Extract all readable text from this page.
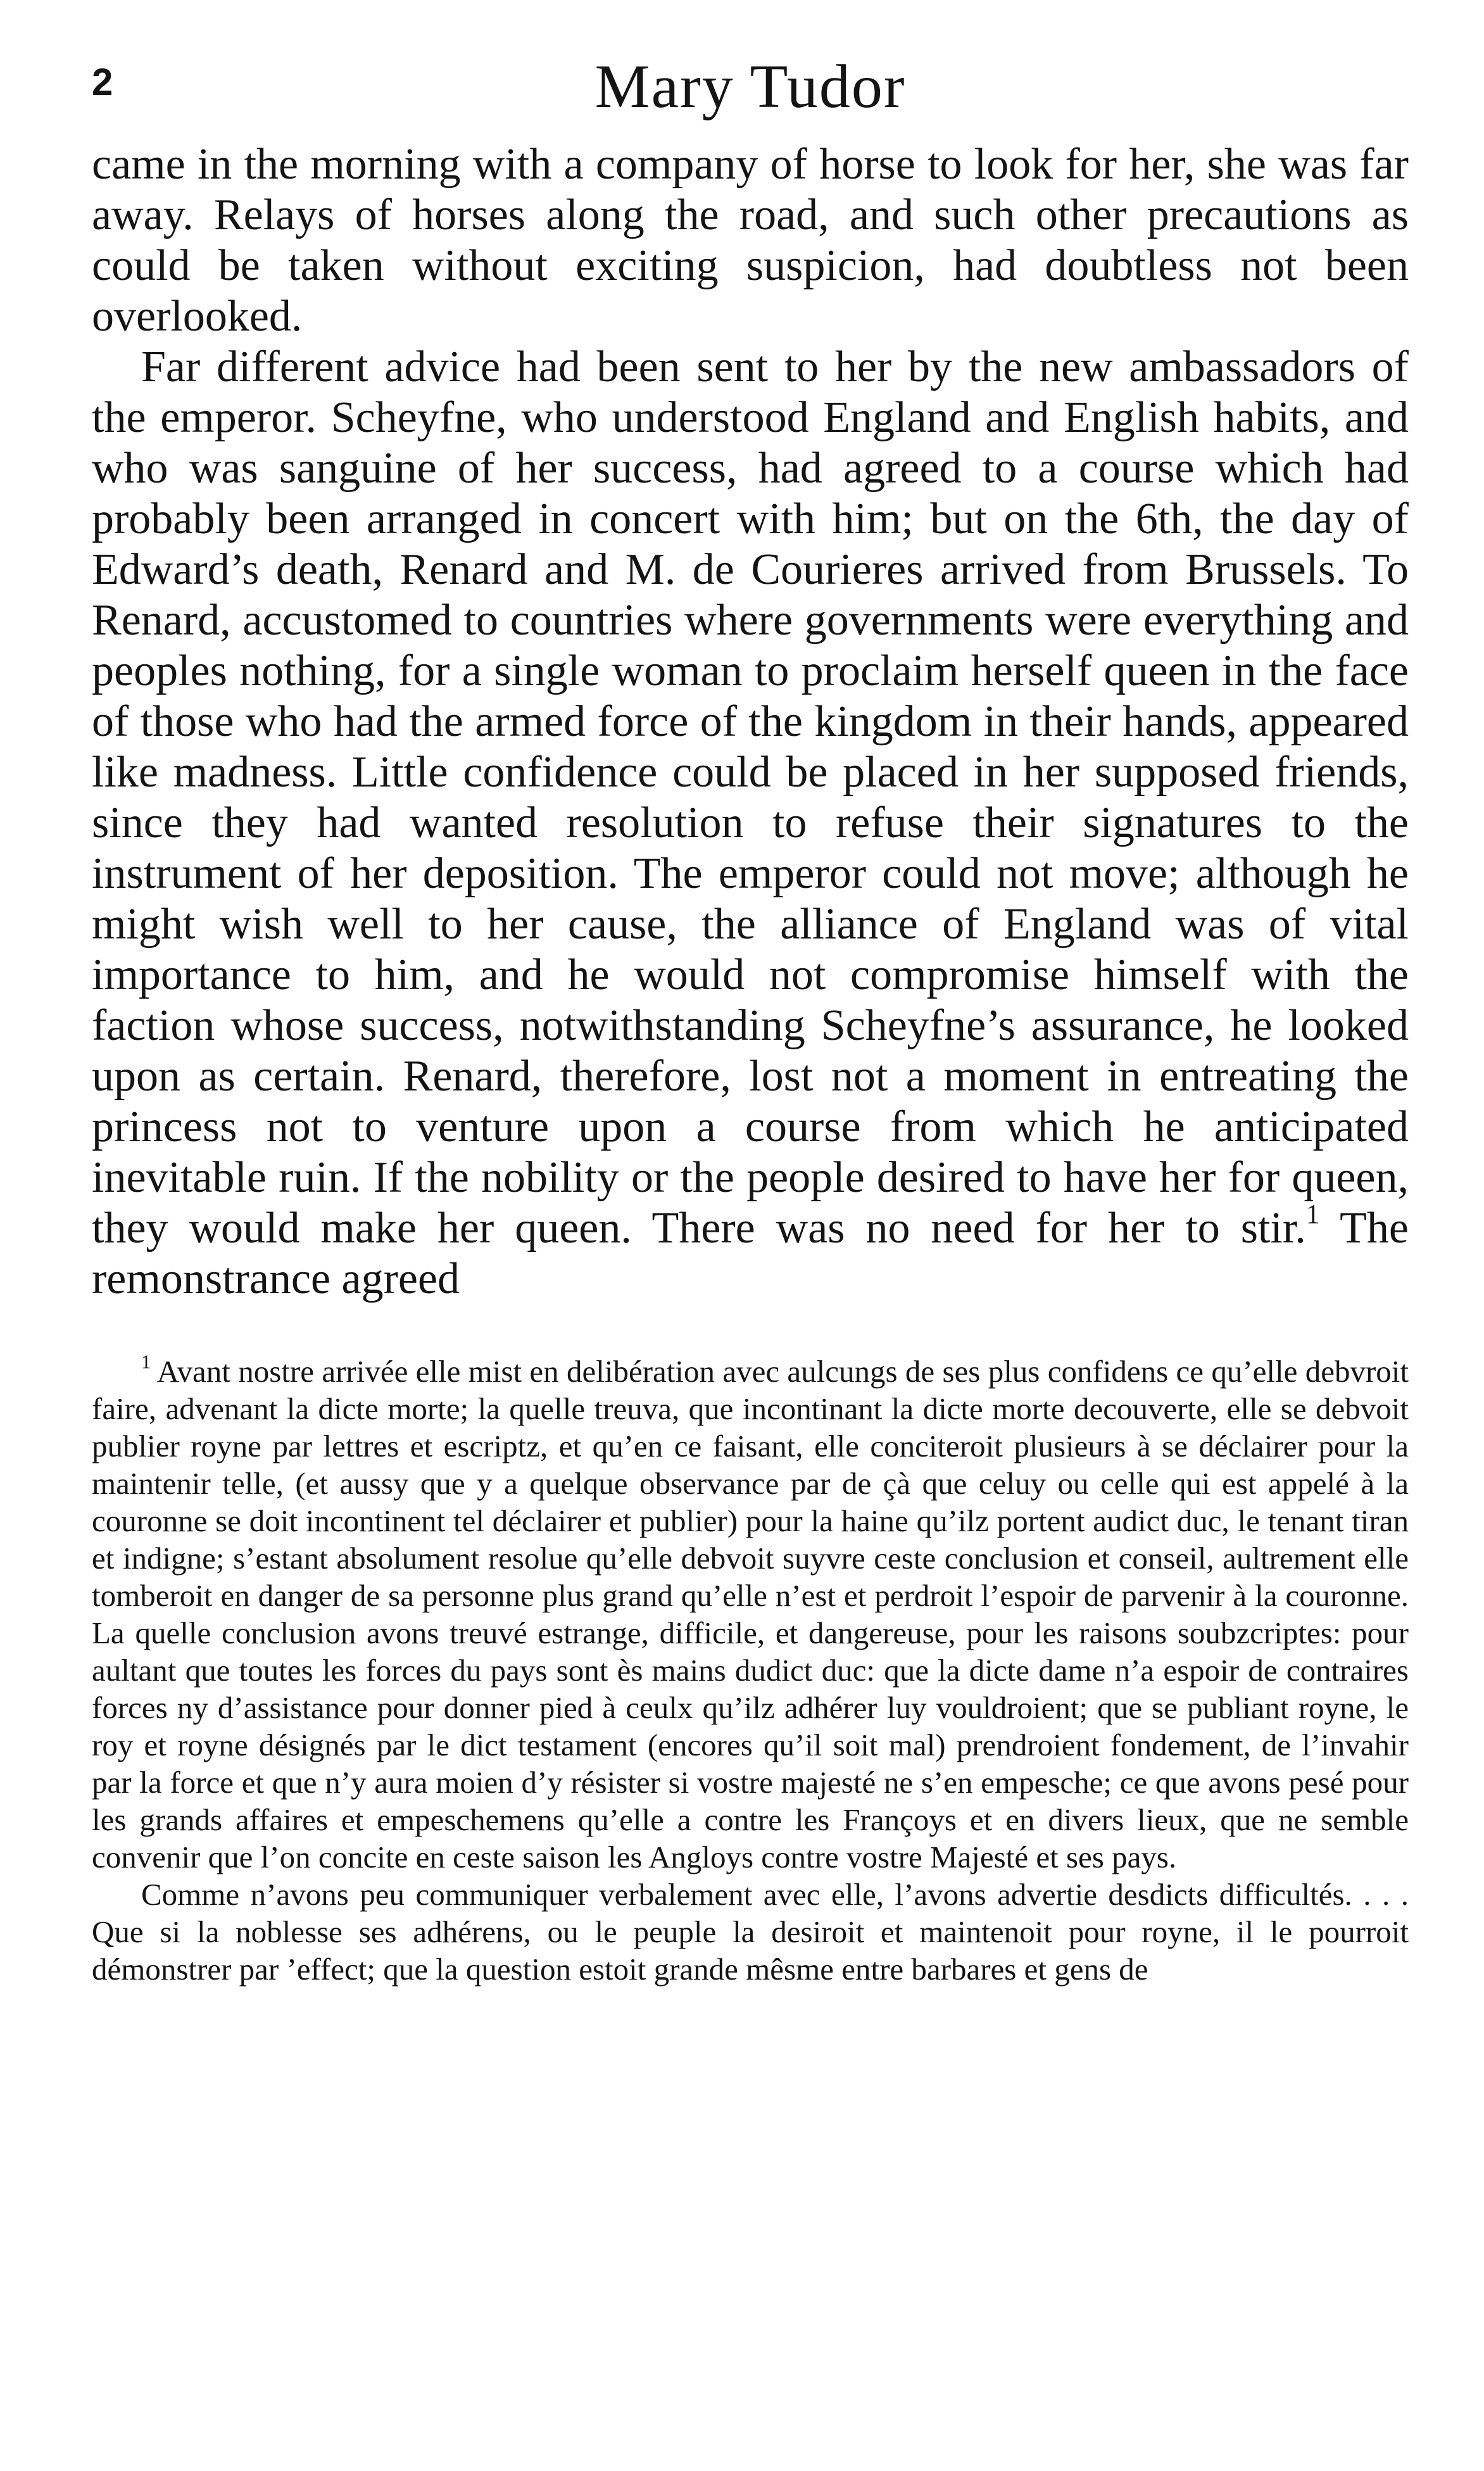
2	Mary Tudor

came in the morning with a company of horse to look for her, she was far away. Relays of horses along the road, and such other precautions as could be taken without exciting suspicion, had doubtless not been overlooked.

Far different advice had been sent to her by the new ambassadors of the emperor. Scheyfne, who understood England and English habits, and who was sanguine of her success, had agreed to a course which had probably been arranged in concert with him; but on the 6th, the day of Edward’s death, Renard and M. de Courieres arrived from Brussels. To Renard, accustomed to countries where governments were everything and peoples nothing, for a single woman to proclaim herself queen in the face of those who had the armed force of the kingdom in their hands, appeared like madness. Little confidence could be placed in her supposed friends, since they had wanted resolution to refuse their signatures to the instrument of her deposition. The emperor could not move; although he might wish well to her cause, the alliance of England was of vital importance to him, and he would not compromise himself with the faction whose success, notwithstanding Scheyfne’s assurance, he looked upon as certain. Renard, therefore, lost not a moment in entreating the princess not to venture upon a course from which he anticipated inevitable ruin. If the nobility or the people desired to have her for queen, they would make her queen. There was no need for her to stir.$^1$ The remonstrance agreed

$^1$ Avant nostre arrivée elle mist en delibération avec aulcungs de ses plus confidens ce qu’elle debvroit faire, advenant la dicte morte; la quelle treuva, que incontinant la dicte morte decouverte, elle se debvoit publier royne par lettres et escriptz, et qu’en ce faisant, elle conciteroit plusieurs à se déclairer pour la maintenir telle, (et aussy que y a quelque observance par de çà que celuy ou celle qui est appelé à la couronne se doit incontinent tel déclairer et publier) pour la haine qu’ilz portent audict duc, le tenant tiran et indigne; s’estant absolument resolue qu’elle debvoit suyvre ceste conclusion et conseil, aultrement elle tomberoit en danger de sa personne plus grand qu’elle n’est et perdroit l’espoir de parvenir à la couronne. La quelle conclusion avons treuvé estrange, difficile, et dangereuse, pour les raisons soubzcriptes: pour aultant que toutes les forces du pays sont ès mains dudict duc: que la dicte dame n’a espoir de contraires forces ny d’assistance pour donner pied à ceulx qu’ilz adhérer luy vouldroient; que se publiant royne, le roy et royne désignés par le dict testament (encores qu’il soit mal) prendroient fondement, de l’invahir par la force et que n’y aura moien d’y résister si vostre majesté ne s’en empesche; ce que avons pesé pour les grands affaires et empeschemens qu’elle a contre les Françoys et en divers lieux, que ne semble convenir que l’on concite en ceste saison les Angloys contre vostre Majesté et ses pays.

Comme n’avons peu communiquer verbalement avec elle, l’avons advertie desdicts difficultés. . . . Que si la noblesse ses adhérens, ou le peuple la desiroit et maintenoit pour royne, il le pourroit démonstrer par ’effect; que la question estoit grande mêsme entre barbares et gens de
